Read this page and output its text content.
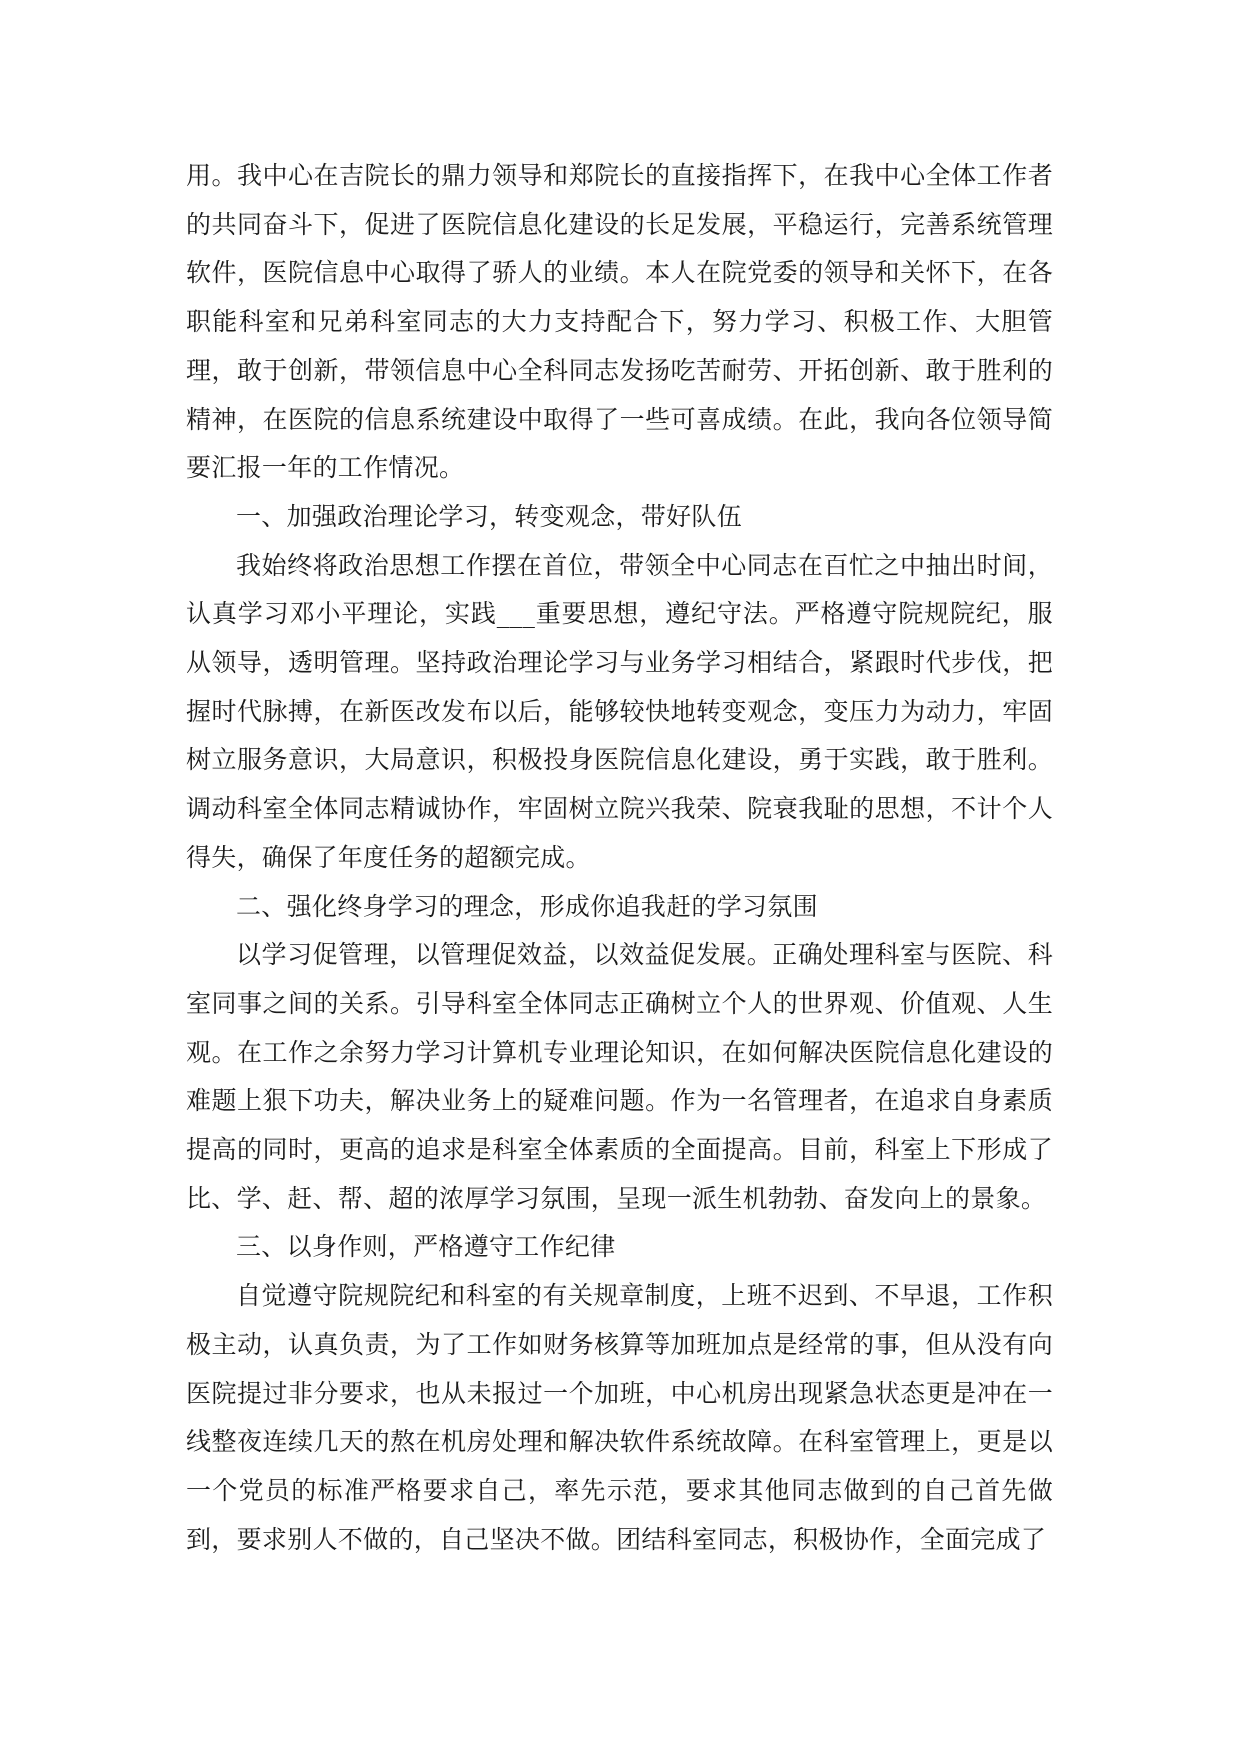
用。我中心在吉院长的鼎力领导和郑院长的直接指挥下，在我中心全体工作者的共同奋斗下，促进了医院信息化建设的长足发展，平稳运行，完善系统管理软件，医院信息中心取得了骄人的业绩。本人在院党委的领导和关怀下，在各职能科室和兄弟科室同志的大力支持配合下，努力学习、积极工作、大胆管理，敢于创新，带领信息中心全科同志发扬吃苦耐劳、开拓创新、敢于胜利的精神，在医院的信息系统建设中取得了一些可喜成绩。在此，我向各位领导简要汇报一年的工作情况。

一、加强政治理论学习，转变观念，带好队伍

我始终将政治思想工作摆在首位，带领全中心同志在百忙之中抽出时间，认真学习邓小平理论，实践___重要思想，遵纪守法。严格遵守院规院纪，服从领导，透明管理。坚持政治理论学习与业务学习相结合，紧跟时代步伐，把握时代脉搏，在新医改发布以后，能够较快地转变观念，变压力为动力，牢固树立服务意识，大局意识，积极投身医院信息化建设，勇于实践，敢于胜利。调动科室全体同志精诚协作，牢固树立院兴我荣、院衰我耻的思想，不计个人得失，确保了年度任务的超额完成。

二、强化终身学习的理念，形成你追我赶的学习氛围

以学习促管理，以管理促效益，以效益促发展。正确处理科室与医院、科室同事之间的关系。引导科室全体同志正确树立个人的世界观、价值观、人生观。在工作之余努力学习计算机专业理论知识，在如何解决医院信息化建设的难题上狠下功夫，解决业务上的疑难问题。作为一名管理者，在追求自身素质提高的同时，更高的追求是科室全体素质的全面提高。目前，科室上下形成了比、学、赶、帮、超的浓厚学习氛围，呈现一派生机勃勃、奋发向上的景象。

三、以身作则，严格遵守工作纪律

自觉遵守院规院纪和科室的有关规章制度，上班不迟到、不早退，工作积极主动，认真负责，为了工作如财务核算等加班加点是经常的事，但从没有向医院提过非分要求，也从未报过一个加班，中心机房出现紧急状态更是冲在一线整夜连续几天的熬在机房处理和解决软件系统故障。在科室管理上，更是以一个党员的标准严格要求自己，率先示范，要求其他同志做到的自己首先做到，要求别人不做的，自己坚决不做。团结科室同志，积极协作，全面完成了
